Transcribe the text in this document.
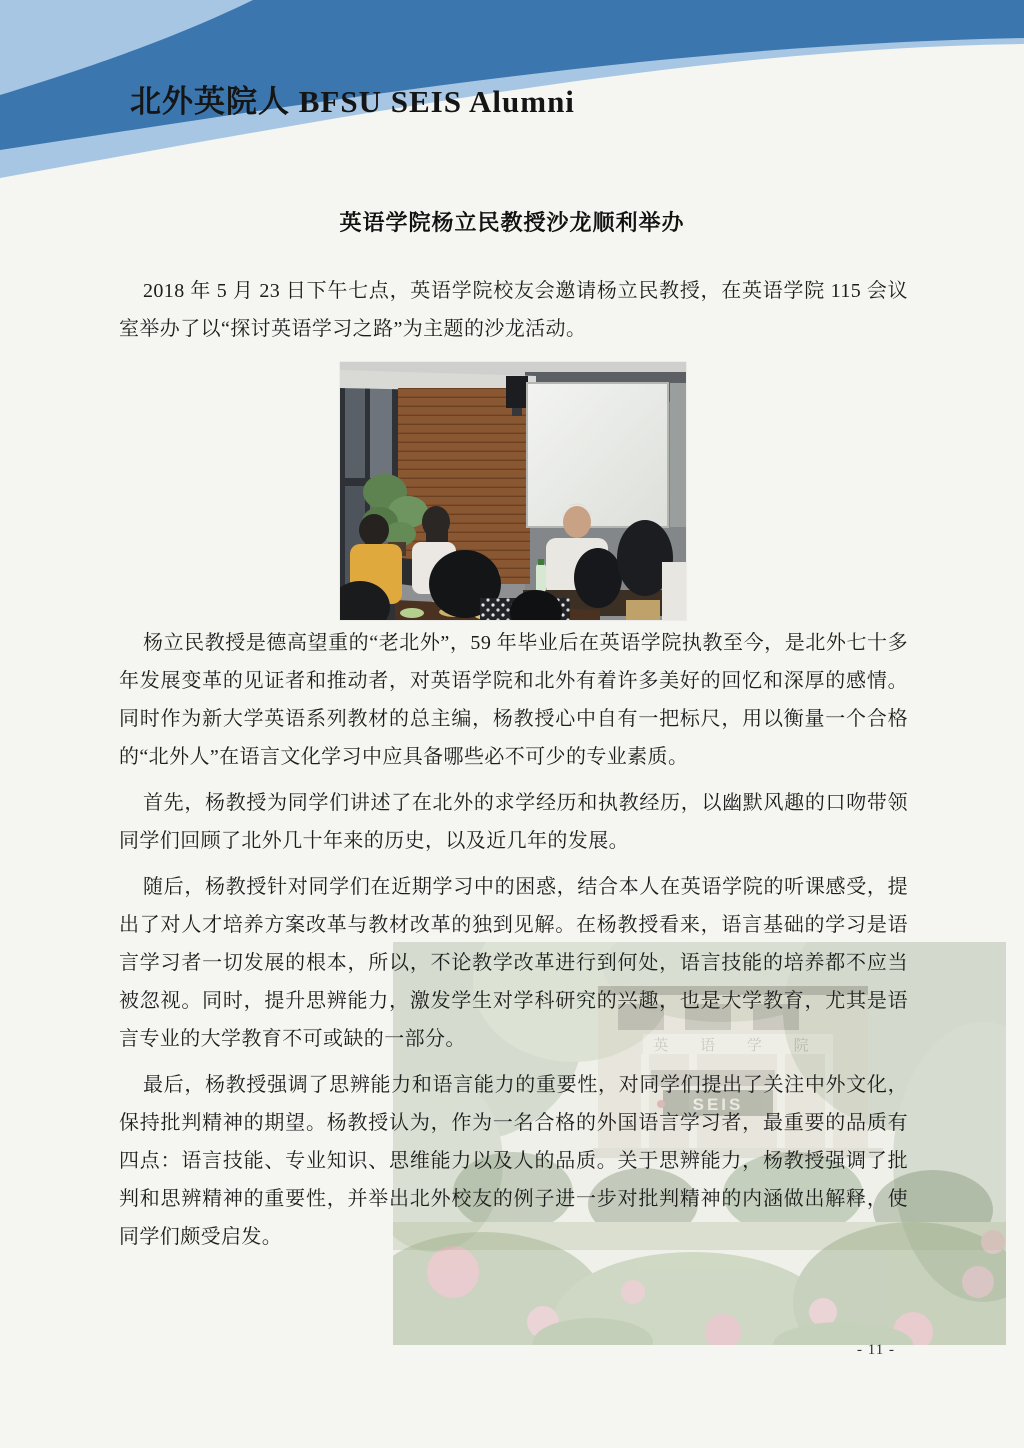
北外英院人 BFSU SEIS Alumni
英语学院杨立民教授沙龙顺利举办

2018 年 5 月 23 日下午七点，英语学院校友会邀请杨立民教授，在英语学院 115 会议室举办了以“探讨英语学习之路”为主题的沙龙活动。

英 语 学 院
SEIS

杨立民教授是德高望重的“老北外”，59 年毕业后在英语学院执教至今，是北外七十多年发展变革的见证者和推动者，对英语学院和北外有着许多美好的回忆和深厚的感情。同时作为新大学英语系列教材的总主编，杨教授心中自有一把标尺，用以衡量一个合格的“北外人”在语言文化学习中应具备哪些必不可少的专业素质。

首先，杨教授为同学们讲述了在北外的求学经历和执教经历，以幽默风趣的口吻带领同学们回顾了北外几十年来的历史，以及近几年的发展。

随后，杨教授针对同学们在近期学习中的困惑，结合本人在英语学院的听课感受，提出了对人才培养方案改革与教材改革的独到见解。在杨教授看来，语言基础的学习是语言学习者一切发展的根本，所以，不论教学改革进行到何处，语言技能的培养都不应当被忽视。同时，提升思辨能力，激发学生对学科研究的兴趣，也是大学教育，尤其是语言专业的大学教育不可或缺的一部分。

最后，杨教授强调了思辨能力和语言能力的重要性，对同学们提出了关注中外文化，保持批判精神的期望。杨教授认为，作为一名合格的外国语言学习者，最重要的品质有四点：语言技能、专业知识、思维能力以及人的品质。关于思辨能力，杨教授强调了批判和思辨精神的重要性，并举出北外校友的例子进一步对批判精神的内涵做出解释，使同学们颇受启发。

- 11 -
